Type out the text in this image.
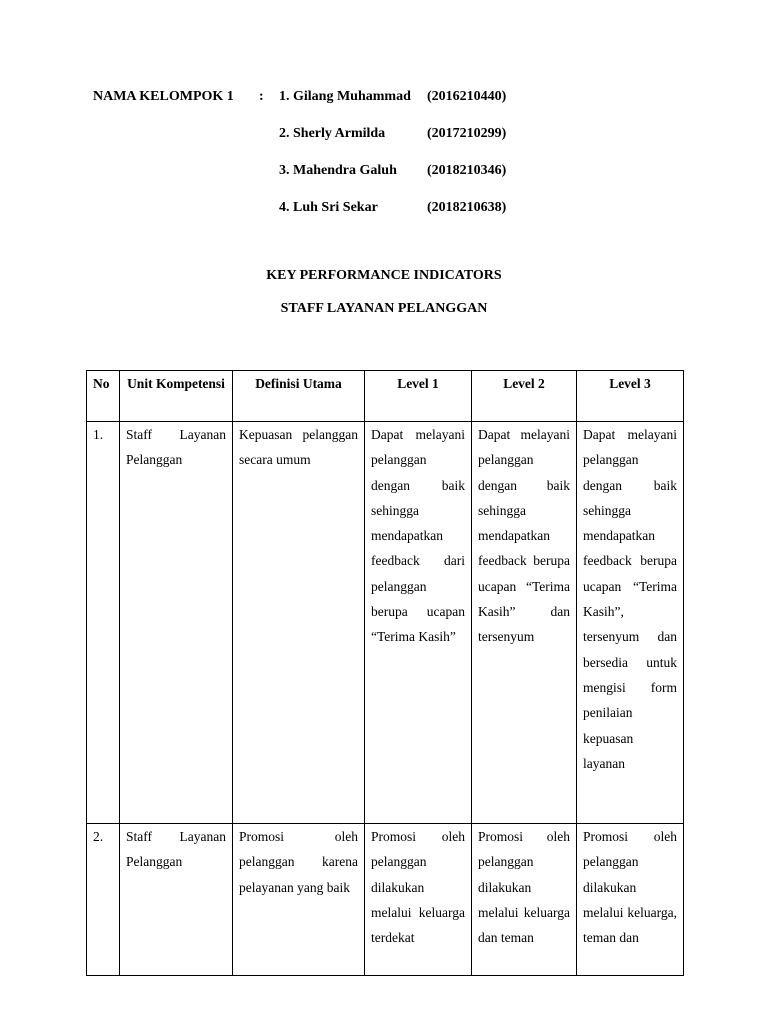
NAMA KELOMPOK 1 : 1. Gilang Muhammad (2016210440)
2. Sherly Armilda	(2017210299)
3. Mahendra Galuh (2018210346)
4. Luh Sri Sekar	(2018210638)
KEY PERFORMANCE INDICATORS
STAFF LAYANAN PELANGGAN
No	Unit Kompetensi	Definisi Utama	Level 1	Level 2	Level 3
1.	Staff Layanan Pelanggan	Kepuasan pelanggan secara umum	Dapat melayani pelanggan dengan baik sehingga mendapatkan feedback dari pelanggan berupa ucapan “Terima Kasih”	Dapat melayani pelanggan dengan baik sehingga mendapatkan feedback berupa ucapan “Terima Kasih” dan tersenyum	Dapat melayani pelanggan dengan baik sehingga mendapatkan feedback berupa ucapan “Terima Kasih”, tersenyum dan bersedia untuk mengisi form penilaian kepuasan layanan
2.	Staff Layanan Pelanggan	Promosi oleh pelanggan karena pelayanan yang baik	Promosi oleh pelanggan dilakukan melalui keluarga terdekat	Promosi oleh pelanggan dilakukan melalui keluarga dan teman	Promosi oleh pelanggan dilakukan melalui keluarga, teman dan
